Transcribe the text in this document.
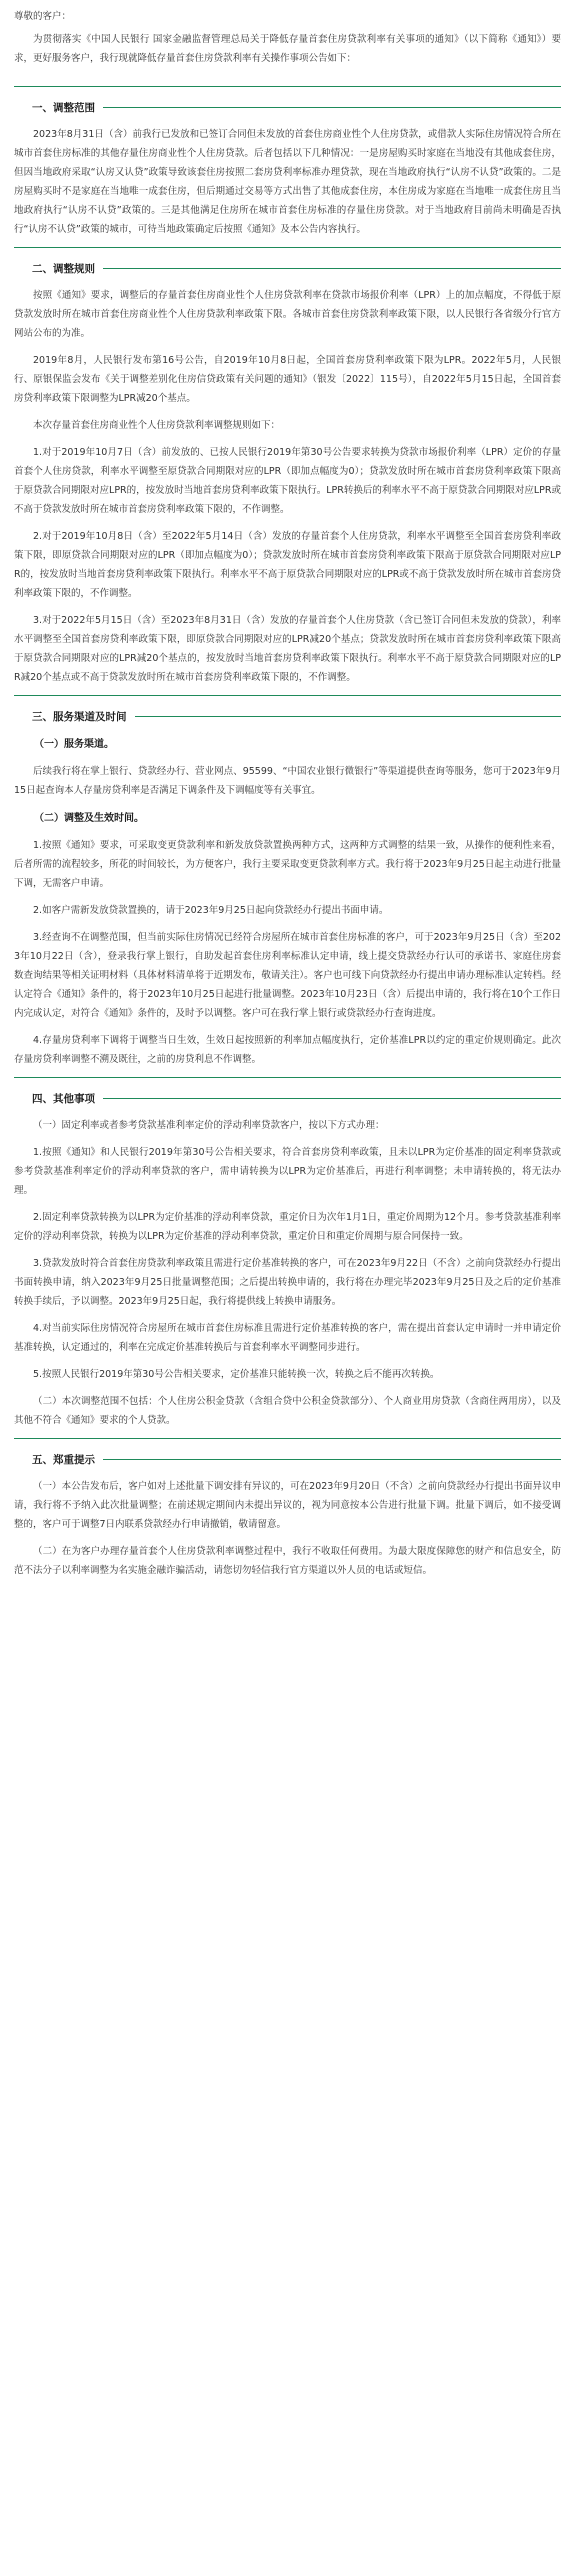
尊敬的客户：

为贯彻落实《中国人民银行 国家金融监督管理总局关于降低存量首套住房贷款利率有关事项的通知》（以下简称《通知》）要求，更好服务客户，我行现就降低存量首套住房贷款利率有关操作事项公告如下：

一、调整范围

2023年8月31日（含）前我行已发放和已签订合同但未发放的首套住房商业性个人住房贷款，或借款人实际住房情况符合所在城市首套住房标准的其他存量住房商业性个人住房贷款。后者包括以下几种情况：一是房屋购买时家庭在当地没有其他成套住房，但因当地政府采取“认房又认贷”政策导致该套住房按照二套房贷利率标准办理贷款，现在当地政府执行“认房不认贷”政策的。二是房屋购买时不是家庭在当地唯一成套住房，但后期通过交易等方式出售了其他成套住房，本住房成为家庭在当地唯一成套住房且当地政府执行“认房不认贷”政策的。三是其他满足住房所在城市首套住房标准的存量住房贷款。对于当地政府目前尚未明确是否执行“认房不认贷”政策的城市，可待当地政策确定后按照《通知》及本公告内容执行。

二、调整规则

按照《通知》要求，调整后的存量首套住房商业性个人住房贷款利率在贷款市场报价利率（LPR）上的加点幅度，不得低于原贷款发放时所在城市首套住房商业性个人住房贷款利率政策下限。各城市首套住房贷款利率政策下限，以人民银行各省级分行官方网站公布的为准。

2019年8月，人民银行发布第16号公告，自2019年10月8日起，全国首套房贷利率政策下限为LPR。2022年5月，人民银行、原银保监会发布《关于调整差别化住房信贷政策有关问题的通知》（银发〔2022〕115号），自2022年5月15日起，全国首套房贷利率政策下限调整为LPR减20个基点。

本次存量首套住房商业性个人住房贷款利率调整规则如下：

1.对于2019年10月7日（含）前发放的、已按人民银行2019年第30号公告要求转换为贷款市场报价利率（LPR）定价的存量首套个人住房贷款，利率水平调整至原贷款合同期限对应的LPR（即加点幅度为0）；贷款发放时所在城市首套房贷利率政策下限高于原贷款合同期限对应LPR的，按发放时当地首套房贷利率政策下限执行。LPR转换后的利率水平不高于原贷款合同期限对应LPR或不高于贷款发放时所在城市首套房贷利率政策下限的，不作调整。

2.对于2019年10月8日（含）至2022年5月14日（含）发放的存量首套个人住房贷款，利率水平调整至全国首套房贷利率政策下限，即原贷款合同期限对应的LPR（即加点幅度为0）；贷款发放时所在城市首套房贷利率政策下限高于原贷款合同期限对应LPR的，按发放时当地首套房贷利率政策下限执行。利率水平不高于原贷款合同期限对应的LPR或不高于贷款发放时所在城市首套房贷利率政策下限的，不作调整。

3.对于2022年5月15日（含）至2023年8月31日（含）发放的存量首套个人住房贷款（含已签订合同但未发放的贷款），利率水平调整至全国首套房贷利率政策下限，即原贷款合同期限对应的LPR减20个基点；贷款发放时所在城市首套房贷利率政策下限高于原贷款合同期限对应的LPR减20个基点的，按发放时当地首套房贷利率政策下限执行。利率水平不高于原贷款合同期限对应的LPR减20个基点或不高于贷款发放时所在城市首套房贷利率政策下限的，不作调整。

三、服务渠道及时间
（一）服务渠道。

后续我行将在掌上银行、贷款经办行、营业网点、95599、“中国农业银行微银行”等渠道提供查询等服务，您可于2023年9月15日起查询本人存量房贷利率是否满足下调条件及下调幅度等有关事宜。

（二）调整及生效时间。

1.按照《通知》要求，可采取变更贷款利率和新发放贷款置换两种方式，这两种方式调整的结果一致，从操作的便利性来看，后者所需的流程较多，所花的时间较长，为方便客户，我行主要采取变更贷款利率方式。我行将于2023年9月25日起主动进行批量下调，无需客户申请。

2.如客户需新发放贷款置换的，请于2023年9月25日起向贷款经办行提出书面申请。

3.经查询不在调整范围，但当前实际住房情况已经符合房屋所在城市首套住房标准的客户，可于2023年9月25日（含）至2023年10月22日（含），登录我行掌上银行，自助发起首套住房利率标准认定申请，线上提交贷款经办行认可的承诺书、家庭住房套数查询结果等相关证明材料（具体材料清单将于近期发布，敬请关注）。客户也可线下向贷款经办行提出申请办理标准认定转档。经认定符合《通知》条件的，将于2023年10月25日起进行批量调整。2023年10月23日（含）后提出申请的，我行将在10个工作日内完成认定，对符合《通知》条件的，及时予以调整。客户可在我行掌上银行或贷款经办行查询进度。

4.存量房贷利率下调将于调整当日生效，生效日起按照新的利率加点幅度执行，定价基准LPR以约定的重定价规则确定。此次存量房贷利率调整不溯及既往，之前的房贷利息不作调整。

四、其他事项

（一）固定利率或者参考贷款基准利率定价的浮动利率贷款客户，按以下方式办理：

1.按照《通知》和人民银行2019年第30号公告相关要求，符合首套房贷利率政策，且未以LPR为定价基准的固定利率贷款或参考贷款基准利率定价的浮动利率贷款的客户，需申请转换为以LPR为定价基准后，再进行利率调整；未申请转换的，将无法办理。

2.固定利率贷款转换为以LPR为定价基准的浮动利率贷款，重定价日为次年1月1日，重定价周期为12个月。参考贷款基准利率定价的浮动利率贷款，转换为以LPR为定价基准的浮动利率贷款，重定价日和重定价周期与原合同保持一致。

3.贷款发放时符合首套住房贷款利率政策且需进行定价基准转换的客户，可在2023年9月22日（不含）之前向贷款经办行提出书面转换申请，纳入2023年9月25日批量调整范围；之后提出转换申请的，我行将在办理完毕2023年9月25日及之后的定价基准转换手续后，予以调整。2023年9月25日起，我行将提供线上转换申请服务。

4.对当前实际住房情况符合房屋所在城市首套住房标准且需进行定价基准转换的客户，需在提出首套认定申请时一并申请定价基准转换，认定通过的，利率在完成定价基准转换后与首套利率水平调整同步进行。

5.按照人民银行2019年第30号公告相关要求，定价基准只能转换一次，转换之后不能再次转换。

（二）本次调整范围不包括：个人住房公积金贷款（含组合贷中公积金贷款部分）、个人商业用房贷款（含商住两用房），以及其他不符合《通知》要求的个人贷款。

五、郑重提示

（一）本公告发布后，客户如对上述批量下调安排有异议的，可在2023年9月20日（不含）之前向贷款经办行提出书面异议申请，我行将不予纳入此次批量调整；在前述规定期间内未提出异议的，视为同意按本公告进行批量下调。批量下调后，如不接受调整的，客户可于调整7日内联系贷款经办行申请撤销，敬请留意。

（二）在为客户办理存量首套个人住房贷款利率调整过程中，我行不收取任何费用。为最大限度保障您的财产和信息安全，防范不法分子以利率调整为名实施金融诈骗活动，请您切勿轻信我行官方渠道以外人员的电话或短信。
